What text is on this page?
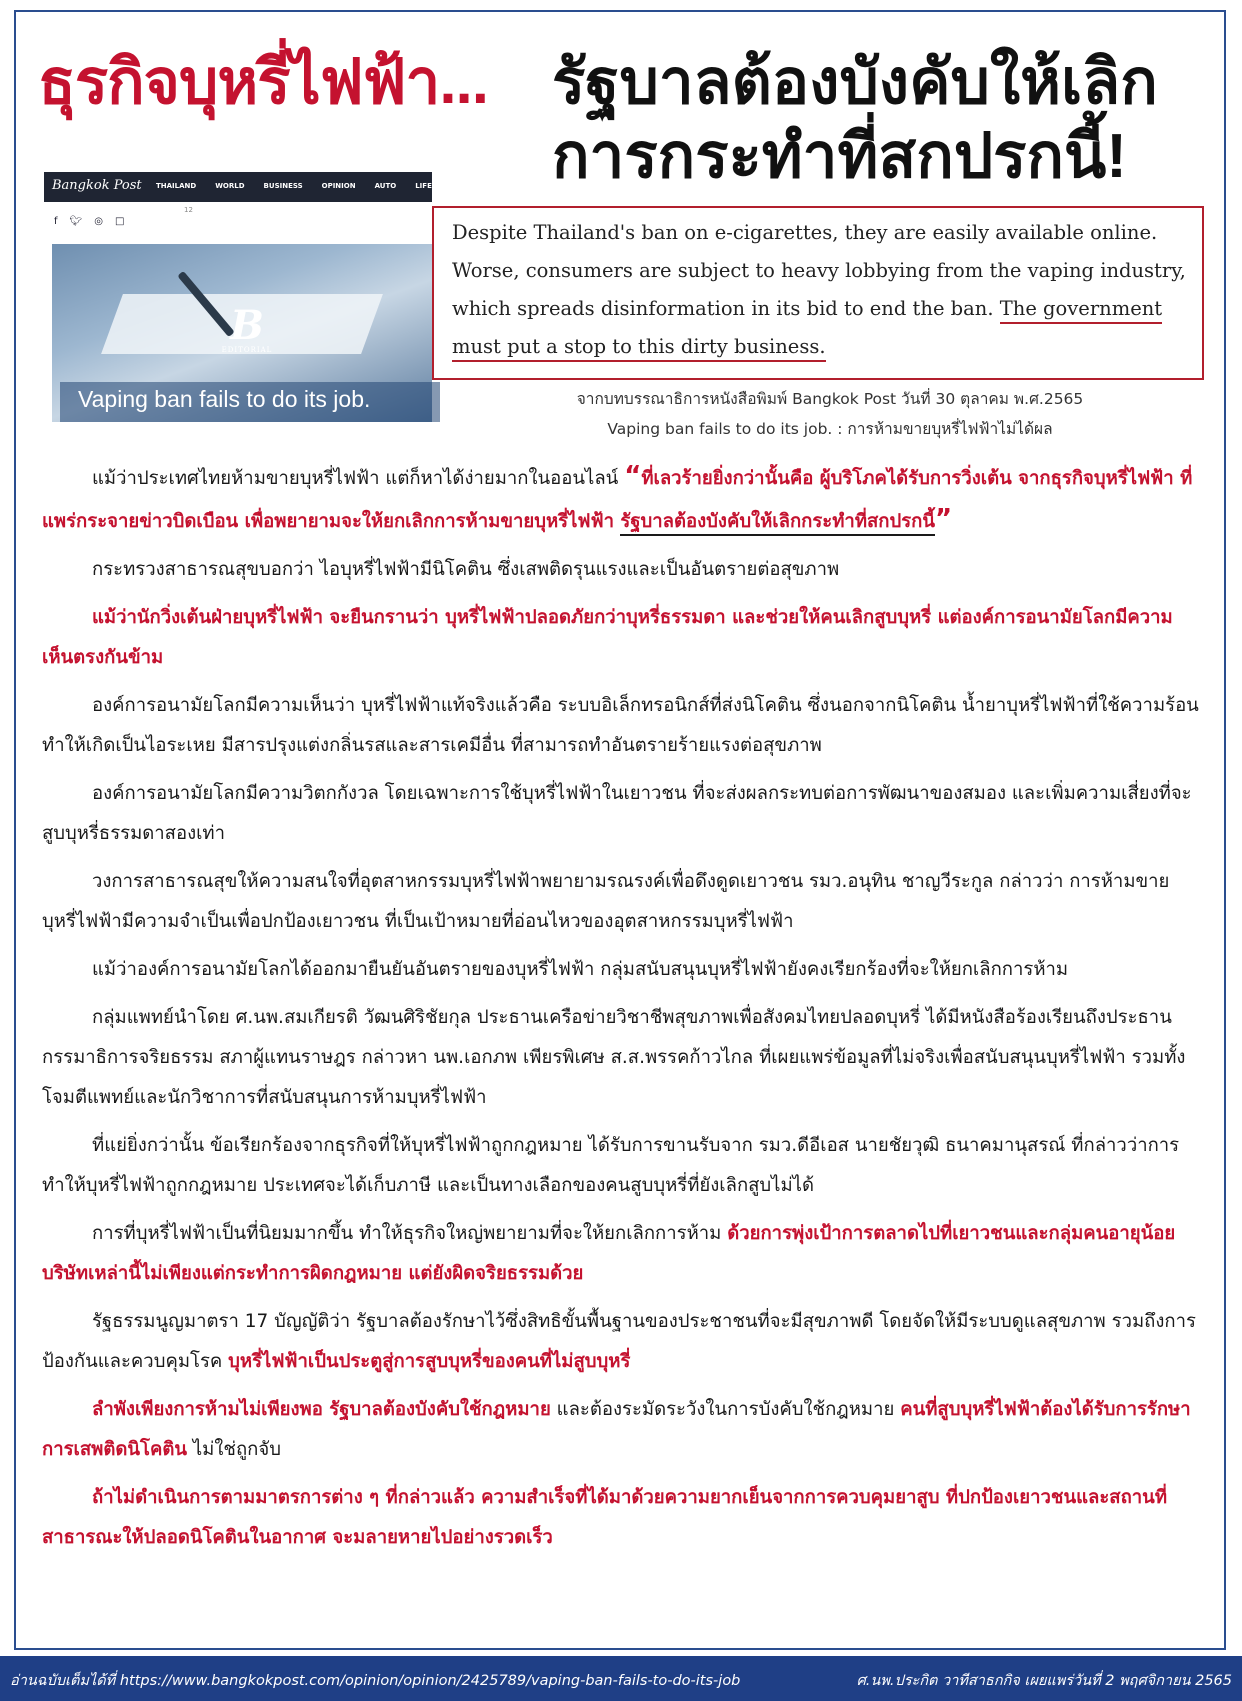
ธุรกิจบุหรี่ไฟฟ้า... รัฐบาลต้องบังคับให้เลิก
การกระทำที่สกปรกนี้!
Bangkok Post THAILAND	WORLD	BUSINESS	OPINION	AUTO	LIFE	LEA
12
f 🐦︎ ◎ □
B
EDITORIAL
Vaping ban fails to do its job.
Despite Thailand's ban on e-cigarettes, they are easily available online.
Worse, consumers are subject to heavy lobbying from the vaping industry,
which spreads disinformation in its bid to end the ban. The government
must put a stop to this dirty business.
จากบทบรรณาธิการหนังสือพิมพ์ Bangkok Post วันที่ 30 ตุลาคม พ.ศ.2565
Vaping ban fails to do its job. : การห้ามขายบุหรี่ไฟฟ้าไม่ได้ผล

แม้ว่าประเทศไทยห้ามขายบุหรี่ไฟฟ้า แต่ก็หาได้ง่ายมากในออนไลน์ “ที่เลวร้ายยิ่งกว่านั้นคือ ผู้บริโภคได้รับการวิ่งเต้น จากธุรกิจบุหรี่ไฟฟ้า ที่แพร่กระจายข่าวบิดเบือน เพื่อพยายามจะให้ยกเลิกการห้ามขายบุหรี่ไฟฟ้า รัฐบาลต้องบังคับให้เลิกกระทำที่สกปรกนี้”

กระทรวงสาธารณสุขบอกว่า ไอบุหรี่ไฟฟ้ามีนิโคติน ซึ่งเสพติดรุนแรงและเป็นอันตรายต่อสุขภาพ

แม้ว่านักวิ่งเต้นฝ่ายบุหรี่ไฟฟ้า จะยืนกรานว่า บุหรี่ไฟฟ้าปลอดภัยกว่าบุหรี่ธรรมดา และช่วยให้คนเลิกสูบบุหรี่ แต่องค์การอนามัยโลกมีความเห็นตรงกันข้าม

องค์การอนามัยโลกมีความเห็นว่า บุหรี่ไฟฟ้าแท้จริงแล้วคือ ระบบอิเล็กทรอนิกส์ที่ส่งนิโคติน ซึ่งนอกจากนิโคติน น้ำยาบุหรี่ไฟฟ้าที่ใช้ความร้อนทำให้เกิดเป็นไอระเหย มีสารปรุงแต่งกลิ่นรสและสารเคมีอื่น ที่สามารถทำอันตรายร้ายแรงต่อสุขภาพ

องค์การอนามัยโลกมีความวิตกกังวล โดยเฉพาะการใช้บุหรี่ไฟฟ้าในเยาวชน ที่จะส่งผลกระทบต่อการพัฒนาของสมอง และเพิ่มความเสี่ยงที่จะสูบบุหรี่ธรรมดาสองเท่า

วงการสาธารณสุขให้ความสนใจที่อุตสาหกรรมบุหรี่ไฟฟ้าพยายามรณรงค์เพื่อดึงดูดเยาวชน รมว.อนุทิน ชาญวีระกูล กล่าวว่า การห้ามขายบุหรี่ไฟฟ้ามีความจำเป็นเพื่อปกป้องเยาวชน ที่เป็นเป้าหมายที่อ่อนไหวของอุตสาหกรรมบุหรี่ไฟฟ้า

แม้ว่าองค์การอนามัยโลกได้ออกมายืนยันอันตรายของบุหรี่ไฟฟ้า กลุ่มสนับสนุนบุหรี่ไฟฟ้ายังคงเรียกร้องที่จะให้ยกเลิกการห้าม

กลุ่มแพทย์นำโดย ศ.นพ.สมเกียรติ วัฒนศิริชัยกุล ประธานเครือข่ายวิชาชีพสุขภาพเพื่อสังคมไทยปลอดบุหรี่ ได้มีหนังสือร้องเรียนถึงประธานกรรมาธิการจริยธรรม สภาผู้แทนราษฎร กล่าวหา นพ.เอกภพ เพียรพิเศษ ส.ส.พรรคก้าวไกล ที่เผยแพร่ข้อมูลที่ไม่จริงเพื่อสนับสนุนบุหรี่ไฟฟ้า รวมทั้งโจมตีแพทย์และนักวิชาการที่สนับสนุนการห้ามบุหรี่ไฟฟ้า

ที่แย่ยิ่งกว่านั้น ข้อเรียกร้องจากธุรกิจที่ให้บุหรี่ไฟฟ้าถูกกฎหมาย ได้รับการขานรับจาก รมว.ดีอีเอส นายชัยวุฒิ ธนาคมานุสรณ์ ที่กล่าวว่าการทำให้บุหรี่ไฟฟ้าถูกกฎหมาย ประเทศจะได้เก็บภาษี และเป็นทางเลือกของคนสูบบุหรี่ที่ยังเลิกสูบไม่ได้

การที่บุหรี่ไฟฟ้าเป็นที่นิยมมากขึ้น ทำให้ธุรกิจใหญ่พยายามที่จะให้ยกเลิกการห้าม ด้วยการพุ่งเป้าการตลาดไปที่เยาวชนและกลุ่มคนอายุน้อย บริษัทเหล่านี้ไม่เพียงแต่กระทำการผิดกฎหมาย แต่ยังผิดจริยธรรมด้วย

รัฐธรรมนูญมาตรา 17 บัญญัติว่า รัฐบาลต้องรักษาไว้ซึ่งสิทธิขั้นพื้นฐานของประชาชนที่จะมีสุขภาพดี โดยจัดให้มีระบบดูแลสุขภาพ รวมถึงการป้องกันและควบคุมโรค บุหรี่ไฟฟ้าเป็นประตูสู่การสูบบุหรี่ของคนที่ไม่สูบบุหรี่

ลำพังเพียงการห้ามไม่เพียงพอ รัฐบาลต้องบังคับใช้กฎหมาย และต้องระมัดระวังในการบังคับใช้กฎหมาย คนที่สูบบุหรี่ไฟฟ้าต้องได้รับการรักษาการเสพติดนิโคติน ไม่ใช่ถูกจับ

ถ้าไม่ดำเนินการตามมาตรการต่าง ๆ ที่กล่าวแล้ว ความสำเร็จที่ได้มาด้วยความยากเย็นจากการควบคุมยาสูบ ที่ปกป้องเยาวชนและสถานที่สาธารณะให้ปลอดนิโคตินในอากาศ จะมลายหายไปอย่างรวดเร็ว

อ่านฉบับเต็มได้ที่ https://www.bangkokpost.com/opinion/opinion/2425789/vaping-ban-fails-to-do-its-job	ศ.นพ.ประกิต วาทีสาธกกิจ เผยแพร่วันที่ 2 พฤศจิกายน 2565
